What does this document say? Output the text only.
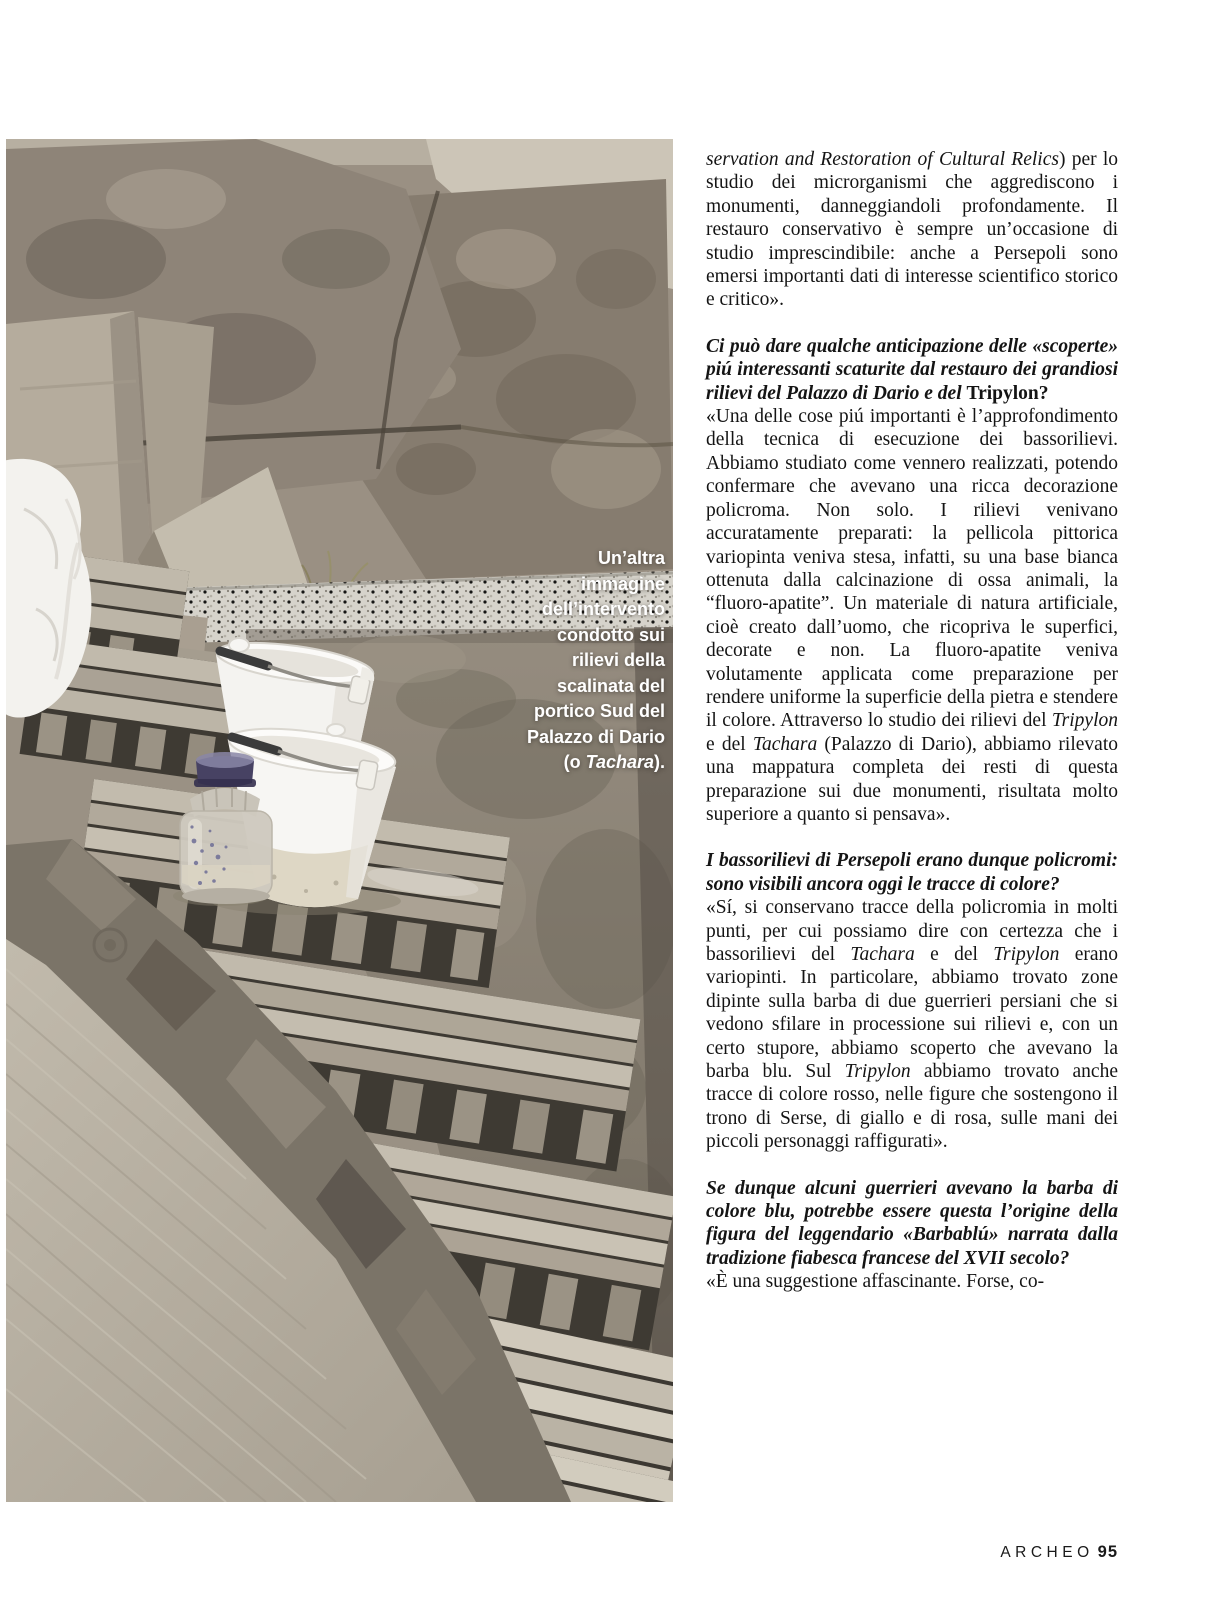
Un’altra
immagine
dell’intervento
condotto sui
rilievi della
scalinata del
portico Sud del
Palazzo di Dario
(o Tachara).

servation and Restoration of Cultural Relics) per lo studio dei microrganismi che aggrediscono i monumenti, danneggiandoli profondamente. Il restauro conservativo è sempre un’occasione di studio imprescindibile: anche a Persepoli sono emersi importanti dati di interesse scientifico storico e critico».

Ci può dare qualche anticipazione delle «scoperte» piú interessanti scaturite dal restauro dei grandiosi rilievi del Palazzo di Dario e del Tripylon?

«Una delle cose piú importanti è l’approfondimento della tecnica di esecuzione dei bassorilievi. Abbiamo studiato come vennero realizzati, potendo confermare che avevano una ricca decorazione policroma. Non solo. I rilievi venivano accuratamente preparati: la pellicola pittorica variopinta veniva stesa, infatti, su una base bianca ottenuta dalla calcinazione di ossa animali, la “fluoro-apatite”. Un materiale di natura artificiale, cioè creato dall’uomo, che ricopriva le superfici, decorate e non. La fluoro-apatite veniva volutamente applicata come preparazione per rendere uniforme la superficie della pietra e stendere il colore. Attraverso lo studio dei rilievi del Tripylon e del Tachara (Palazzo di Dario), abbiamo rilevato una mappatura completa dei resti di questa preparazione sui due monumenti, risultata molto superiore a quanto si pensava».

I bassorilievi di Persepoli erano dunque policromi: sono visibili ancora oggi le tracce di colore?

«Sí, si conservano tracce della policromia in molti punti, per cui possiamo dire con certezza che i bassorilievi del Tachara e del Tripylon erano variopinti. In particolare, abbiamo trovato zone dipinte sulla barba di due guerrieri persiani che si vedono sfilare in processione sui rilievi e, con un certo stupore, abbiamo scoperto che avevano la barba blu. Sul Tripylon abbiamo trovato anche tracce di colore rosso, nelle figure che sostengono il trono di Serse, di giallo e di rosa, sulle mani dei piccoli personaggi raffigurati».

Se dunque alcuni guerrieri avevano la barba di colore blu, potrebbe essere questa l’origine della figura del leggendario «Barbablú» narrata dalla tradizione fiabesca francese del XVII secolo?

«È una suggestione affascinante. Forse, co-

ARCHEO 95
